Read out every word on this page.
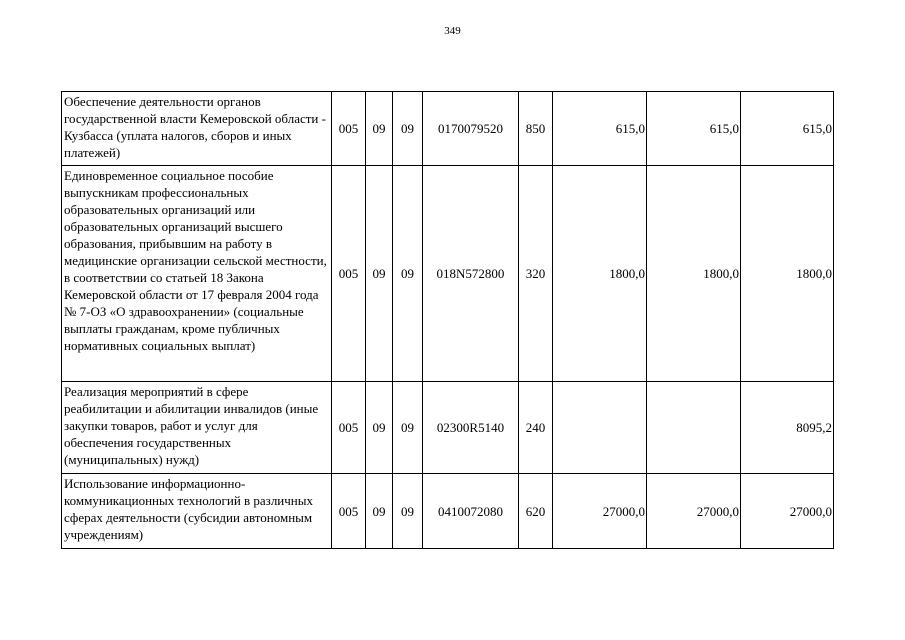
349
Обеспечение деятельности органов государственной власти Кемеровской области - Кузбасса (уплата налогов, сборов и иных платежей)	005	09	09	0170079520	850	615,0	615,0	615,0
Единовременное социальное пособие выпускникам профессиональных образовательных организаций или образовательных организаций высшего образования, прибывшим на работу в медицинские организации сельской местности, в соответствии со статьей 18 Закона Кемеровской области от 17 февраля 2004 года № 7-ОЗ «О здравоохранении» (социальные выплаты гражданам, кроме публичных нормативных социальных выплат)	005	09	09	018N572800	320	1800,0	1800,0	1800,0
Реализация мероприятий в сфере реабилитации и абилитации инвалидов (иные закупки товаров, работ и услуг для обеспечения государственных (муниципальных) нужд)	005	09	09	02300R5140	240			8095,2
Использование информационно-коммуникационных технологий в различных сферах деятельности (субсидии автономным учреждениям)	005	09	09	0410072080	620	27000,0	27000,0	27000,0
